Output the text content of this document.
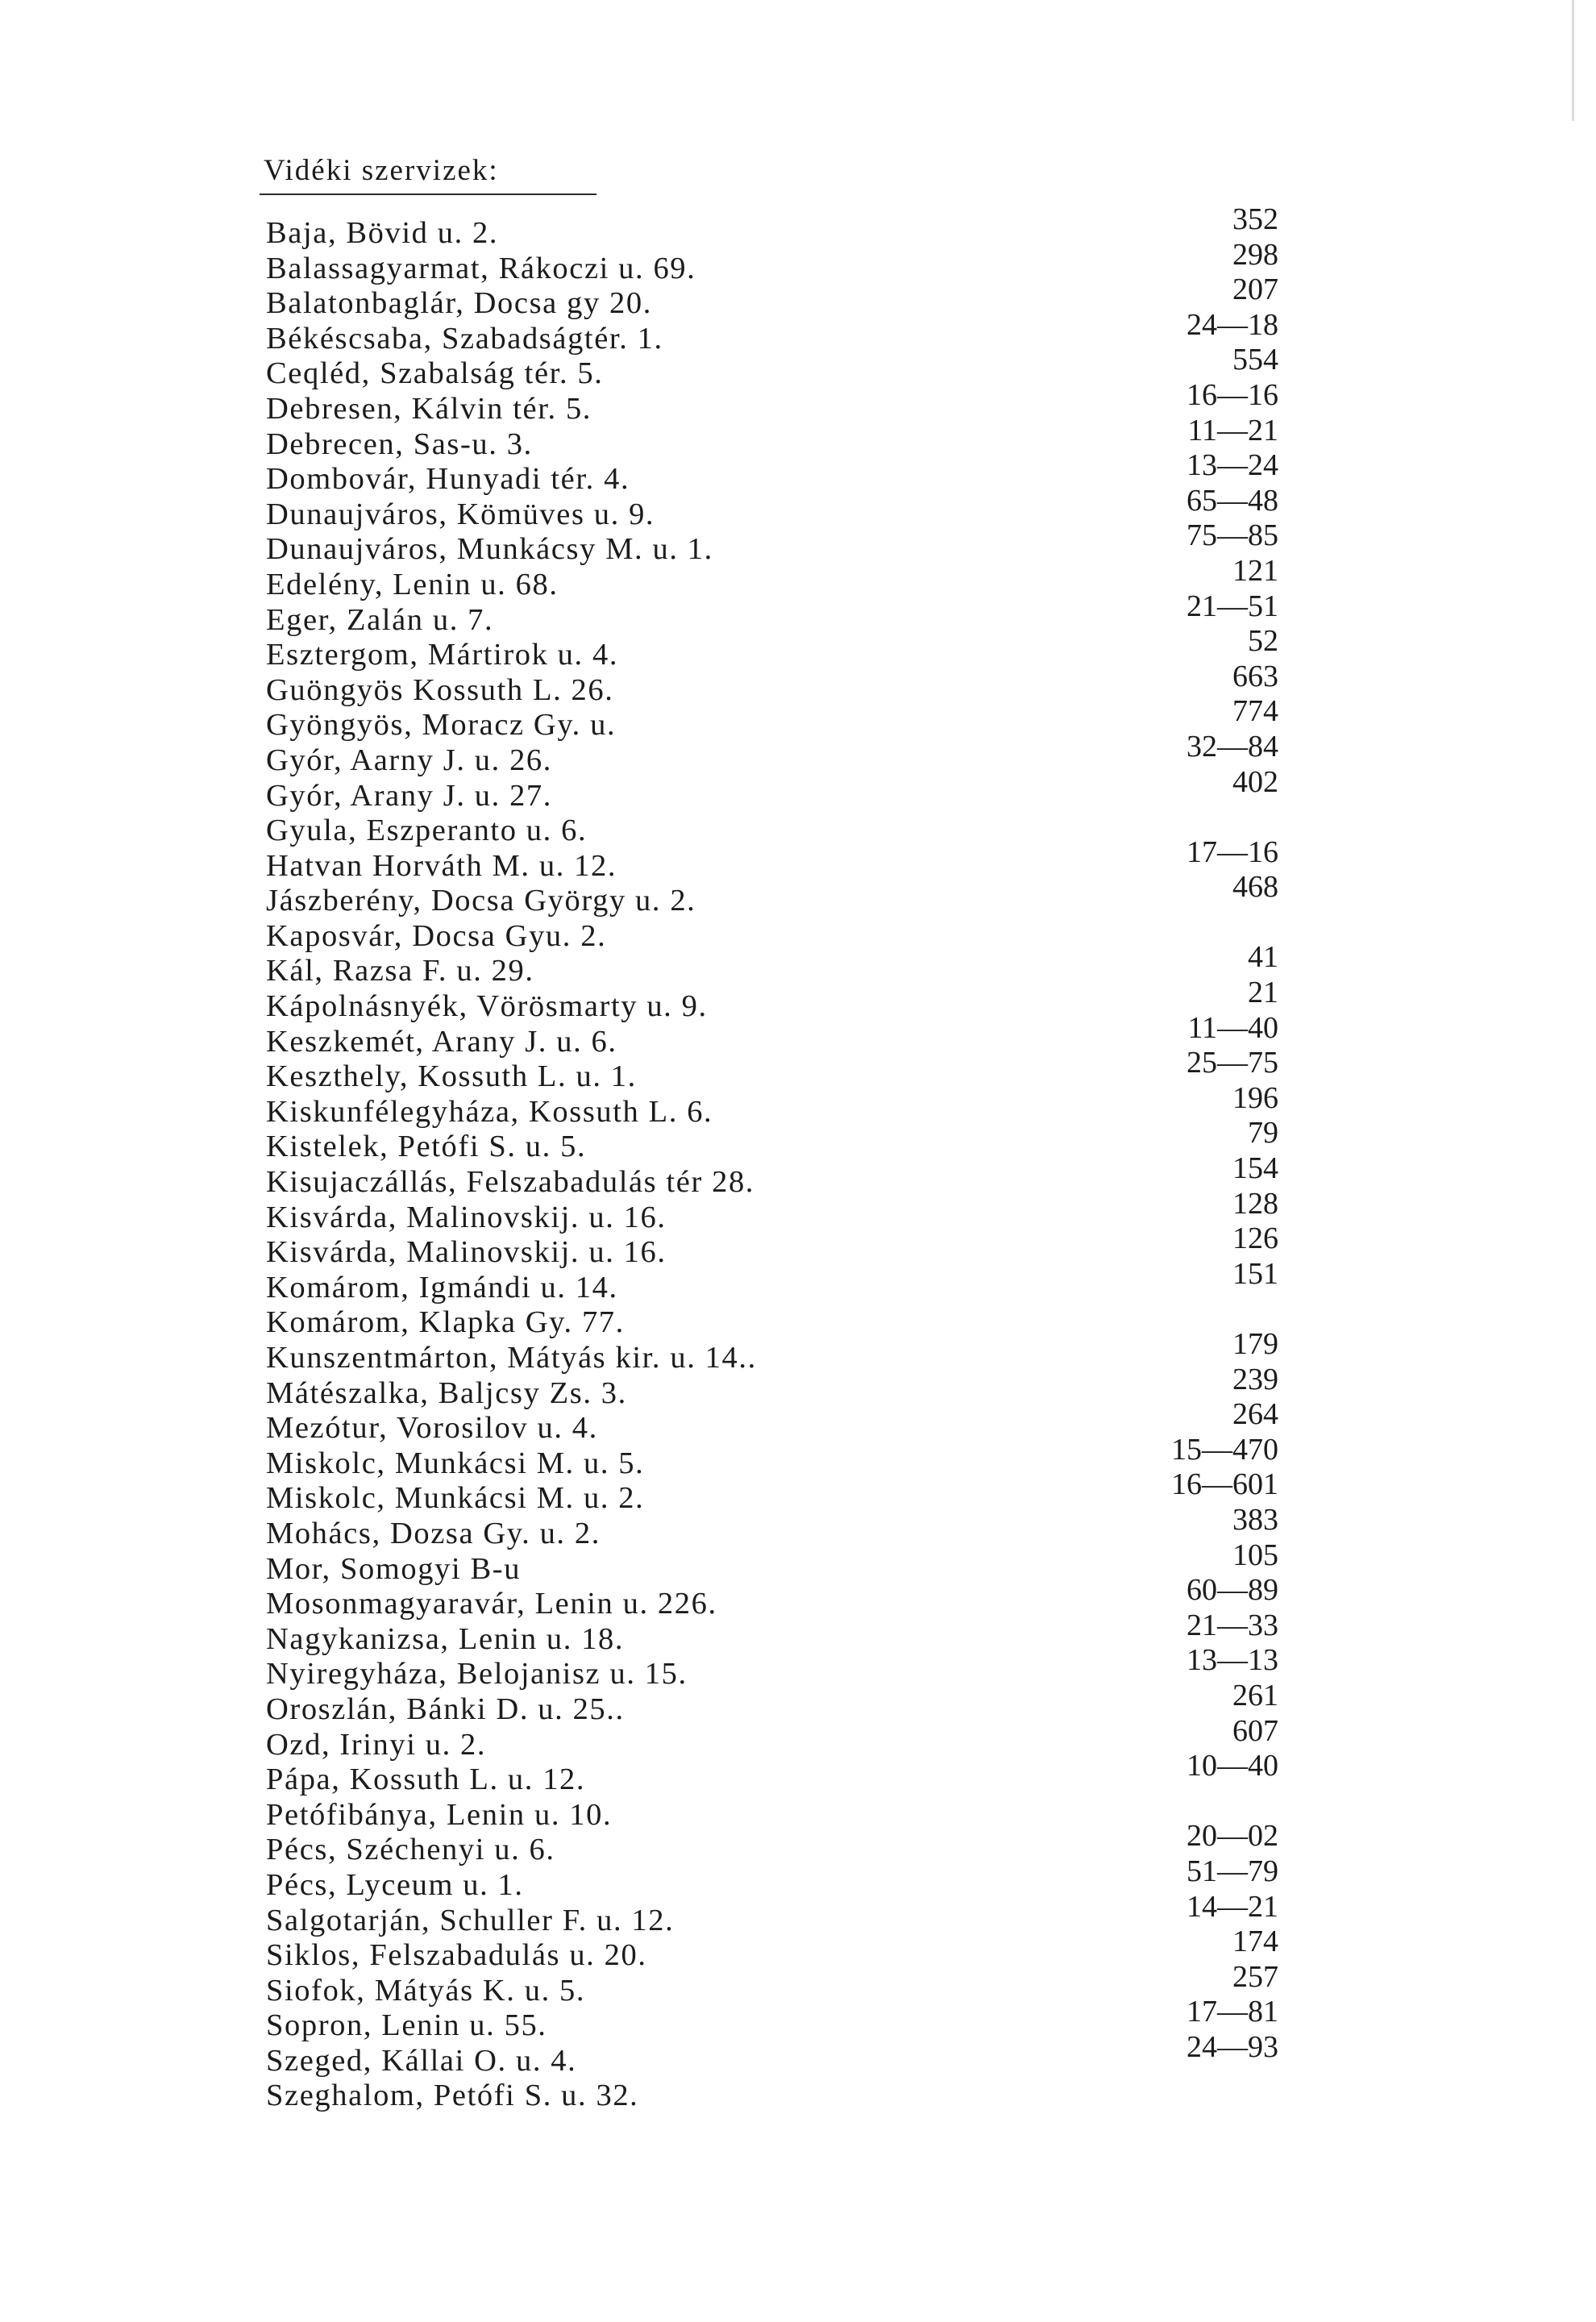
Vidéki szervizek:
Baja, Bövid u. 2.
Balassagyarmat, Rákoczi u. 69.
Balatonbaglár, Docsa gy 20.
Békéscsaba, Szabadságtér. 1.
Ceqléd, Szabalság tér. 5.
Debresen, Kálvin tér. 5.
Debrecen, Sas-u. 3.
Dombovár, Hunyadi tér. 4.
Dunaujváros, Kömüves u. 9.
Dunaujváros, Munkácsy M. u. 1.
Edelény, Lenin u. 68.
Eger, Zalán u. 7.
Esztergom, Mártirok u. 4.
Guöngyös Kossuth L. 26.
Gyöngyös, Moracz Gy. u.
Gyór, Aarny J. u. 26.
Gyór, Arany J. u. 27.
Gyula, Eszperanto u. 6.
Hatvan Horváth M. u. 12.
Jászberény, Docsa György u. 2.
Kaposvár, Docsa Gyu. 2.
Kál, Razsa F. u. 29.
Kápolnásnyék, Vörösmarty u. 9.
Keszkemét, Arany J. u. 6.
Keszthely, Kossuth L. u. 1.
Kiskunfélegyháza, Kossuth L. 6.
Kistelek, Petófi S. u. 5.
Kisujaczállás, Felszabadulás tér 28.
Kisvárda, Malinovskij. u. 16.
Kisvárda, Malinovskij. u. 16.
Komárom, Igmándi u. 14.
Komárom, Klapka Gy. 77.
Kunszentmárton, Mátyás kir. u. 14..
Mátészalka, Baljcsy Zs. 3.
Mezótur, Vorosilov u. 4.
Miskolc, Munkácsi M. u. 5.
Miskolc, Munkácsi M. u. 2.
Mohács, Dozsa Gy. u. 2.
Mor, Somogyi B-u
Mosonmagyaravár, Lenin u. 226.
Nagykanizsa, Lenin u. 18.
Nyiregyháza, Belojanisz u. 15.
Oroszlán, Bánki D. u. 25..
Ozd, Irinyi u. 2.
Pápa, Kossuth L. u. 12.
Petófibánya, Lenin u. 10.
Pécs, Széchenyi u. 6.
Pécs, Lyceum u. 1.
Salgotarján, Schuller F. u. 12.
Siklos, Felszabadulás u. 20.
Siofok, Mátyás K. u. 5.
Sopron, Lenin u. 55.
Szeged, Kállai O. u. 4.
Szeghalom, Petófi S. u. 32.
352
298
207
24—18
554
16—16
11—21
13—24
65—48
75—85
121
21—51
52
663
774
32—84
402
17—16
468
41
21
11—40
25—75
196
79
154
128
126
151
179
239
264
15—470
16—601
383
105
60—89
21—33
13—13
261
607
10—40
20—02
51—79
14—21
174
257
17—81
24—93
